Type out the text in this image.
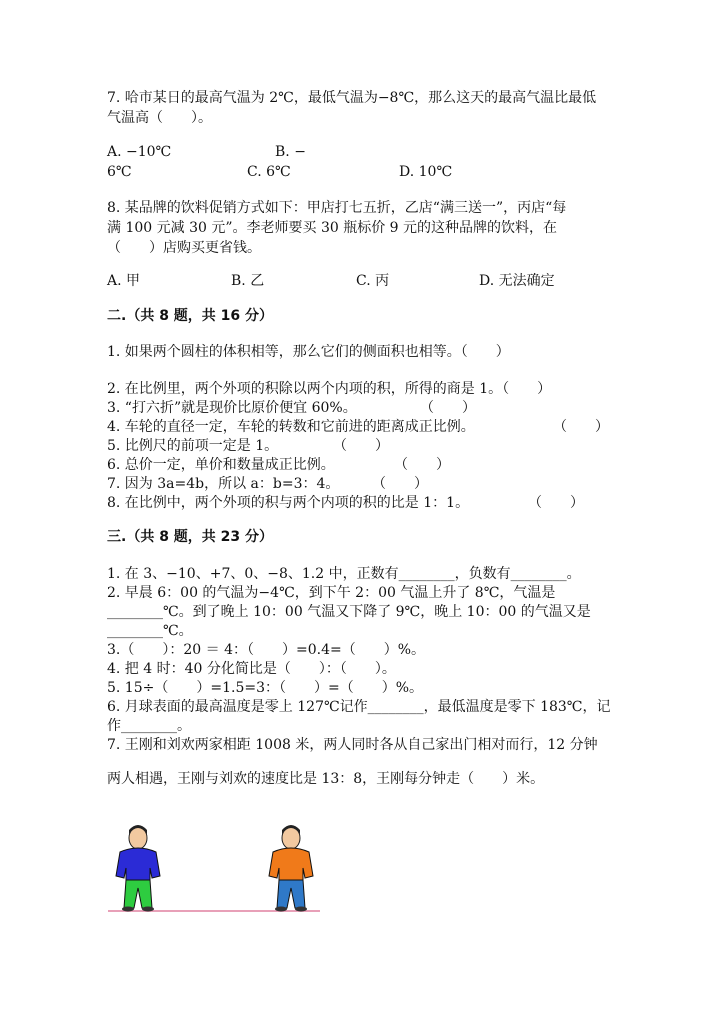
7. 哈市某日的最高气温为 2℃，最低气温为−8℃，那么这天的最高气温比最低
气温高（　　）。
A. −10℃	B. −
6℃	C. 6℃	D. 10℃
8. 某品牌的饮料促销方式如下：甲店打七五折，乙店“满三送一”，丙店“每
满 100 元减 30 元”。李老师要买 30 瓶标价 9 元的这种品牌的饮料，在
（　　）店购买更省钱。
A. 甲	B. 乙	C. 丙	D. 无法确定
二.（共 8 题，共 16 分）
1. 如果两个圆柱的体积相等，那么它们的侧面积也相等。（　　）
2. 在比例里，两个外项的积除以两个内项的积，所得的商是 1。（　　）
3. “打六折”就是现价比原价便宜 60%。	（　　）
4. 车轮的直径一定，车轮的转数和它前进的距离成正比例。	（　　）
5. 比例尺的前项一定是 1。	（　　）
6. 总价一定，单价和数量成正比例。	（　　）
7. 因为 3a=4b，所以 a：b=3：4。 （　　）
8. 在比例中，两个外项的积与两个内项的积的比是 1：1。	（　　）
三.（共 8 题，共 23 分）
1. 在 3、−10、+7、0、−8、1.2 中，正数有________，负数有________。
2. 早晨 6：00 的气温为−4℃，到下午 2：00 气温上升了 8℃，气温是
________℃。到了晚上 10：00 气温又下降了 9℃，晚上 10：00 的气温又是
________℃。
3.（　　）：20 ＝ 4：（　　）=0.4=（　　）%。
4. 把 4 时：40 分化简比是（　　）：（　　）。
5. 15÷（　　）=1.5=3：（　　）=（　　）%。
6. 月球表面的最高温度是零上 127℃记作________，最低温度是零下 183℃，记
作________。
7. 王刚和刘欢两家相距 1008 米，两人同时各从自己家出门相对而行，12 分钟
两人相遇，王刚与刘欢的速度比是 13：8，王刚每分钟走（　　）米。
